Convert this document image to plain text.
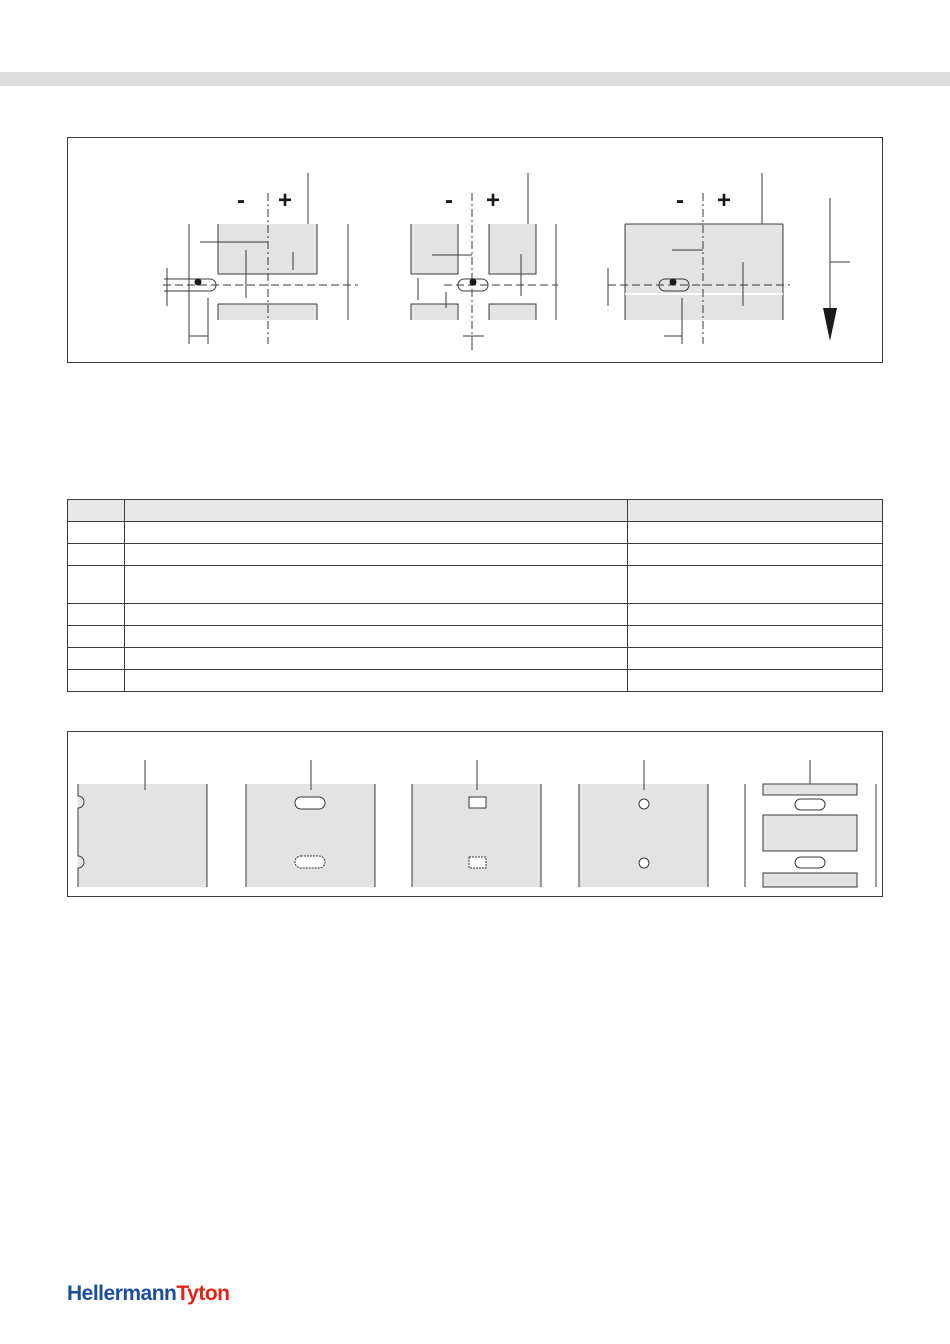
- +	- +	- +

HellermannTyton
